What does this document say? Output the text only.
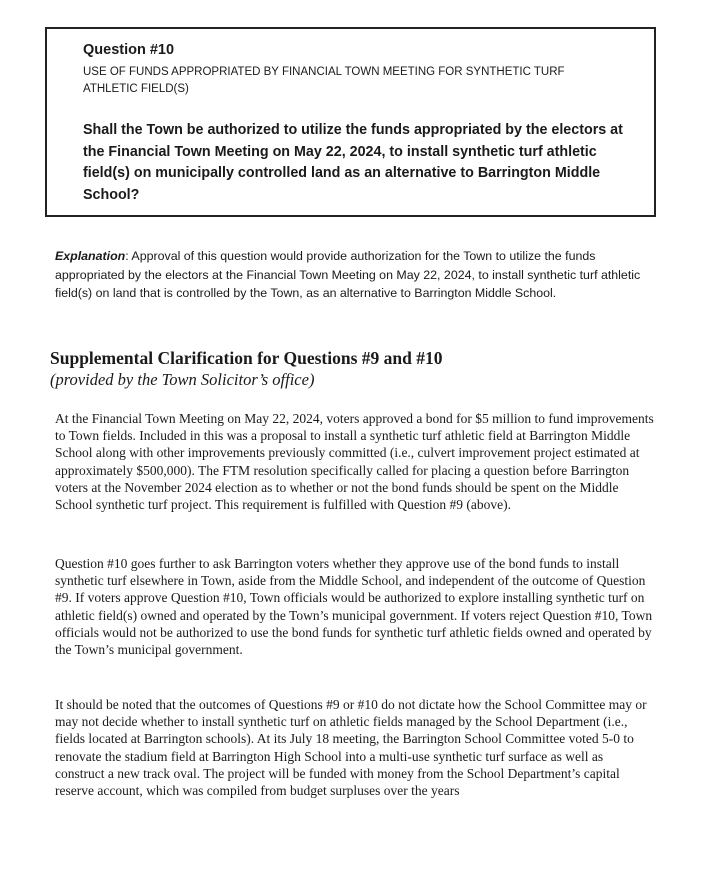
Question #10
USE OF FUNDS APPROPRIATED BY FINANCIAL TOWN MEETING FOR SYNTHETIC TURF ATHLETIC FIELD(S)
Shall the Town be authorized to utilize the funds appropriated by the electors at the Financial Town Meeting on May 22, 2024, to install synthetic turf athletic field(s) on municipally controlled land as an alternative to Barrington Middle School?
Explanation: Approval of this question would provide authorization for the Town to utilize the funds appropriated by the electors at the Financial Town Meeting on May 22, 2024, to install synthetic turf athletic field(s) on land that is controlled by the Town, as an alternative to Barrington Middle School.
Supplemental Clarification for Questions #9 and #10
(provided by the Town Solicitor’s office)

At the Financial Town Meeting on May 22, 2024, voters approved a bond for $5 million to fund improvements to Town fields. Included in this was a proposal to install a synthetic turf athletic field at Barrington Middle School along with other improvements previously committed (i.e., culvert improvement project estimated at approximately $500,000). The FTM resolution specifically called for placing a question before Barrington voters at the November 2024 election as to whether or not the bond funds should be spent on the Middle School synthetic turf project. This requirement is fulfilled with Question #9 (above).

Question #10 goes further to ask Barrington voters whether they approve use of the bond funds to install synthetic turf elsewhere in Town, aside from the Middle School, and independent of the outcome of Question #9. If voters approve Question #10, Town officials would be authorized to explore installing synthetic turf on athletic field(s) owned and operated by the Town’s municipal government. If voters reject Question #10, Town officials would not be authorized to use the bond funds for synthetic turf athletic fields owned and operated by the Town’s municipal government.

It should be noted that the outcomes of Questions #9 or #10 do not dictate how the School Committee may or may not decide whether to install synthetic turf on athletic fields managed by the School Department (i.e., fields located at Barrington schools). At its July 18 meeting, the Barrington School Committee voted 5-0 to renovate the stadium field at Barrington High School into a multi-use synthetic turf surface as well as construct a new track oval. The project will be funded with money from the School Department’s capital reserve account, which was compiled from budget surpluses over the years
